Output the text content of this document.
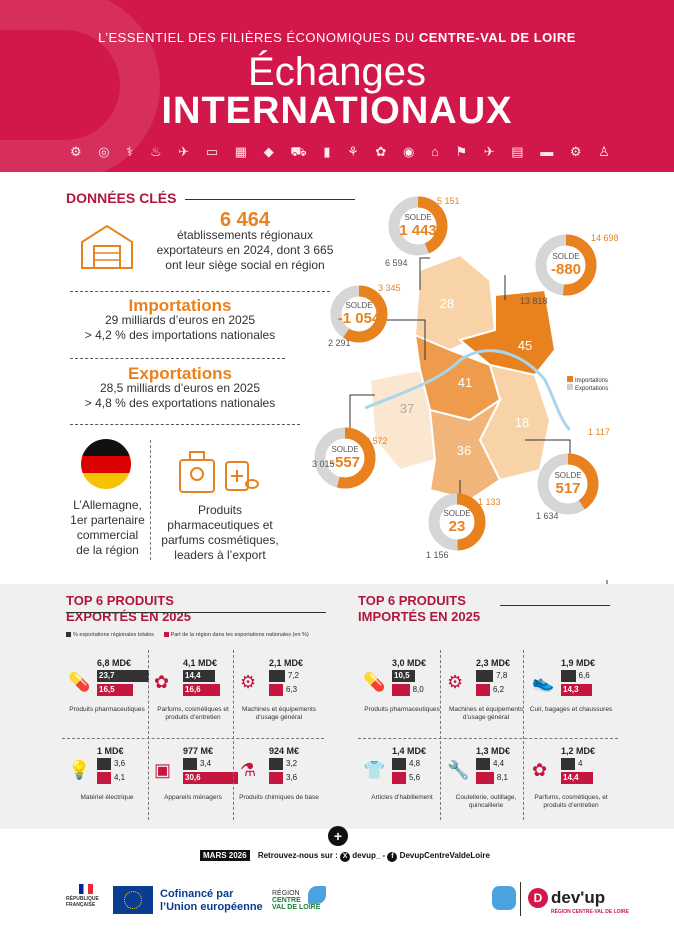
L’ESSENTIEL DES FILIÈRES ÉCONOMIQUES DU CENTRE-VAL DE LOIRE
Échanges
INTERNATIONAUX
⚙ ◎ ⚕ ♨ ✈ ▭ ▦ ◆ ⛟ ▮ ⚘ ✿ ◉ ⌂ ⚑ ✈ ▤ ▬ ⚙ ♙
DONNÉES CLÉS
6 464
établissements régionaux
exportateurs en 2024, dont 3 665
ont leur siège social en région
Importations
29 milliards d’euros en 2025
> 4,2 % des importations nationales
Exportations
28,5 milliards d’euros en 2025
> 4,8 % des exportations nationales
L’Allemagne,
1er partenaire
commercial
de la région
Produits
pharmaceutiques et
parfums cosmétiques,
leaders à l’export
28
45
41
37
18
36
Importations
Exportations
SOLDE
1 443
5 151
6 594
SOLDE
-880
14 698
13 818
SOLDE
-1 054
3 345
2 291
SOLDE
-557
3 572
3 015
SOLDE
517
1 117
1 634
SOLDE
23
1 133
1 156
TOP 6 PRODUITS
EXPORTÉS EN 2025
TOP 6 PRODUITS
IMPORTÉS EN 2025
% exportations régionales totales	Part de la région dans les exportations nationales (en %)
6,8 MD€
💊 23,7
16,5
Produits pharmaceutiques
4,1 MD€
✿ 14,4
16,6
Parfums, cosmétiques et produits d’entretien
2,1 MD€
⚙	7,2
6,3
Machines et équipements d’usage général
1 MD€
💡	3,6
4,1
Matériel électrique
977 M€
▣ 30,6
3,4
Appareils ménagers
924 M€
⚗	3,2
3,6
Produits chimiques de base
3,0 MD€
💊 10,5
8,0
Produits pharmaceutiques
2,3 MD€
⚙	7,8
6,2
Machines et équipements d’usage général
1,9 MD€
👟 14,3
6,6
Cuir, bagages et chaussures
1,4 MD€
👕	4,8
5,6
Articles d’habillement
1,3 MD€
🔧	4,4
8,1
Coutellerie, outillage, quincaillerie
1,2 MD€
✿ 14,4
4
Parfums, cosmétiques, et produits d’entretien
+
MARS 2026 Retrouvez-nous sur : X devup_ - f DevupCentreValdeLoire
RÉPUBLIQUE
FRANÇAISE
Cofinancé par
l’Union européenne
RÉGION
CENTRE
VAL DE LOIRE
D dev'up
RÉGION CENTRE-VAL DE LOIRE
